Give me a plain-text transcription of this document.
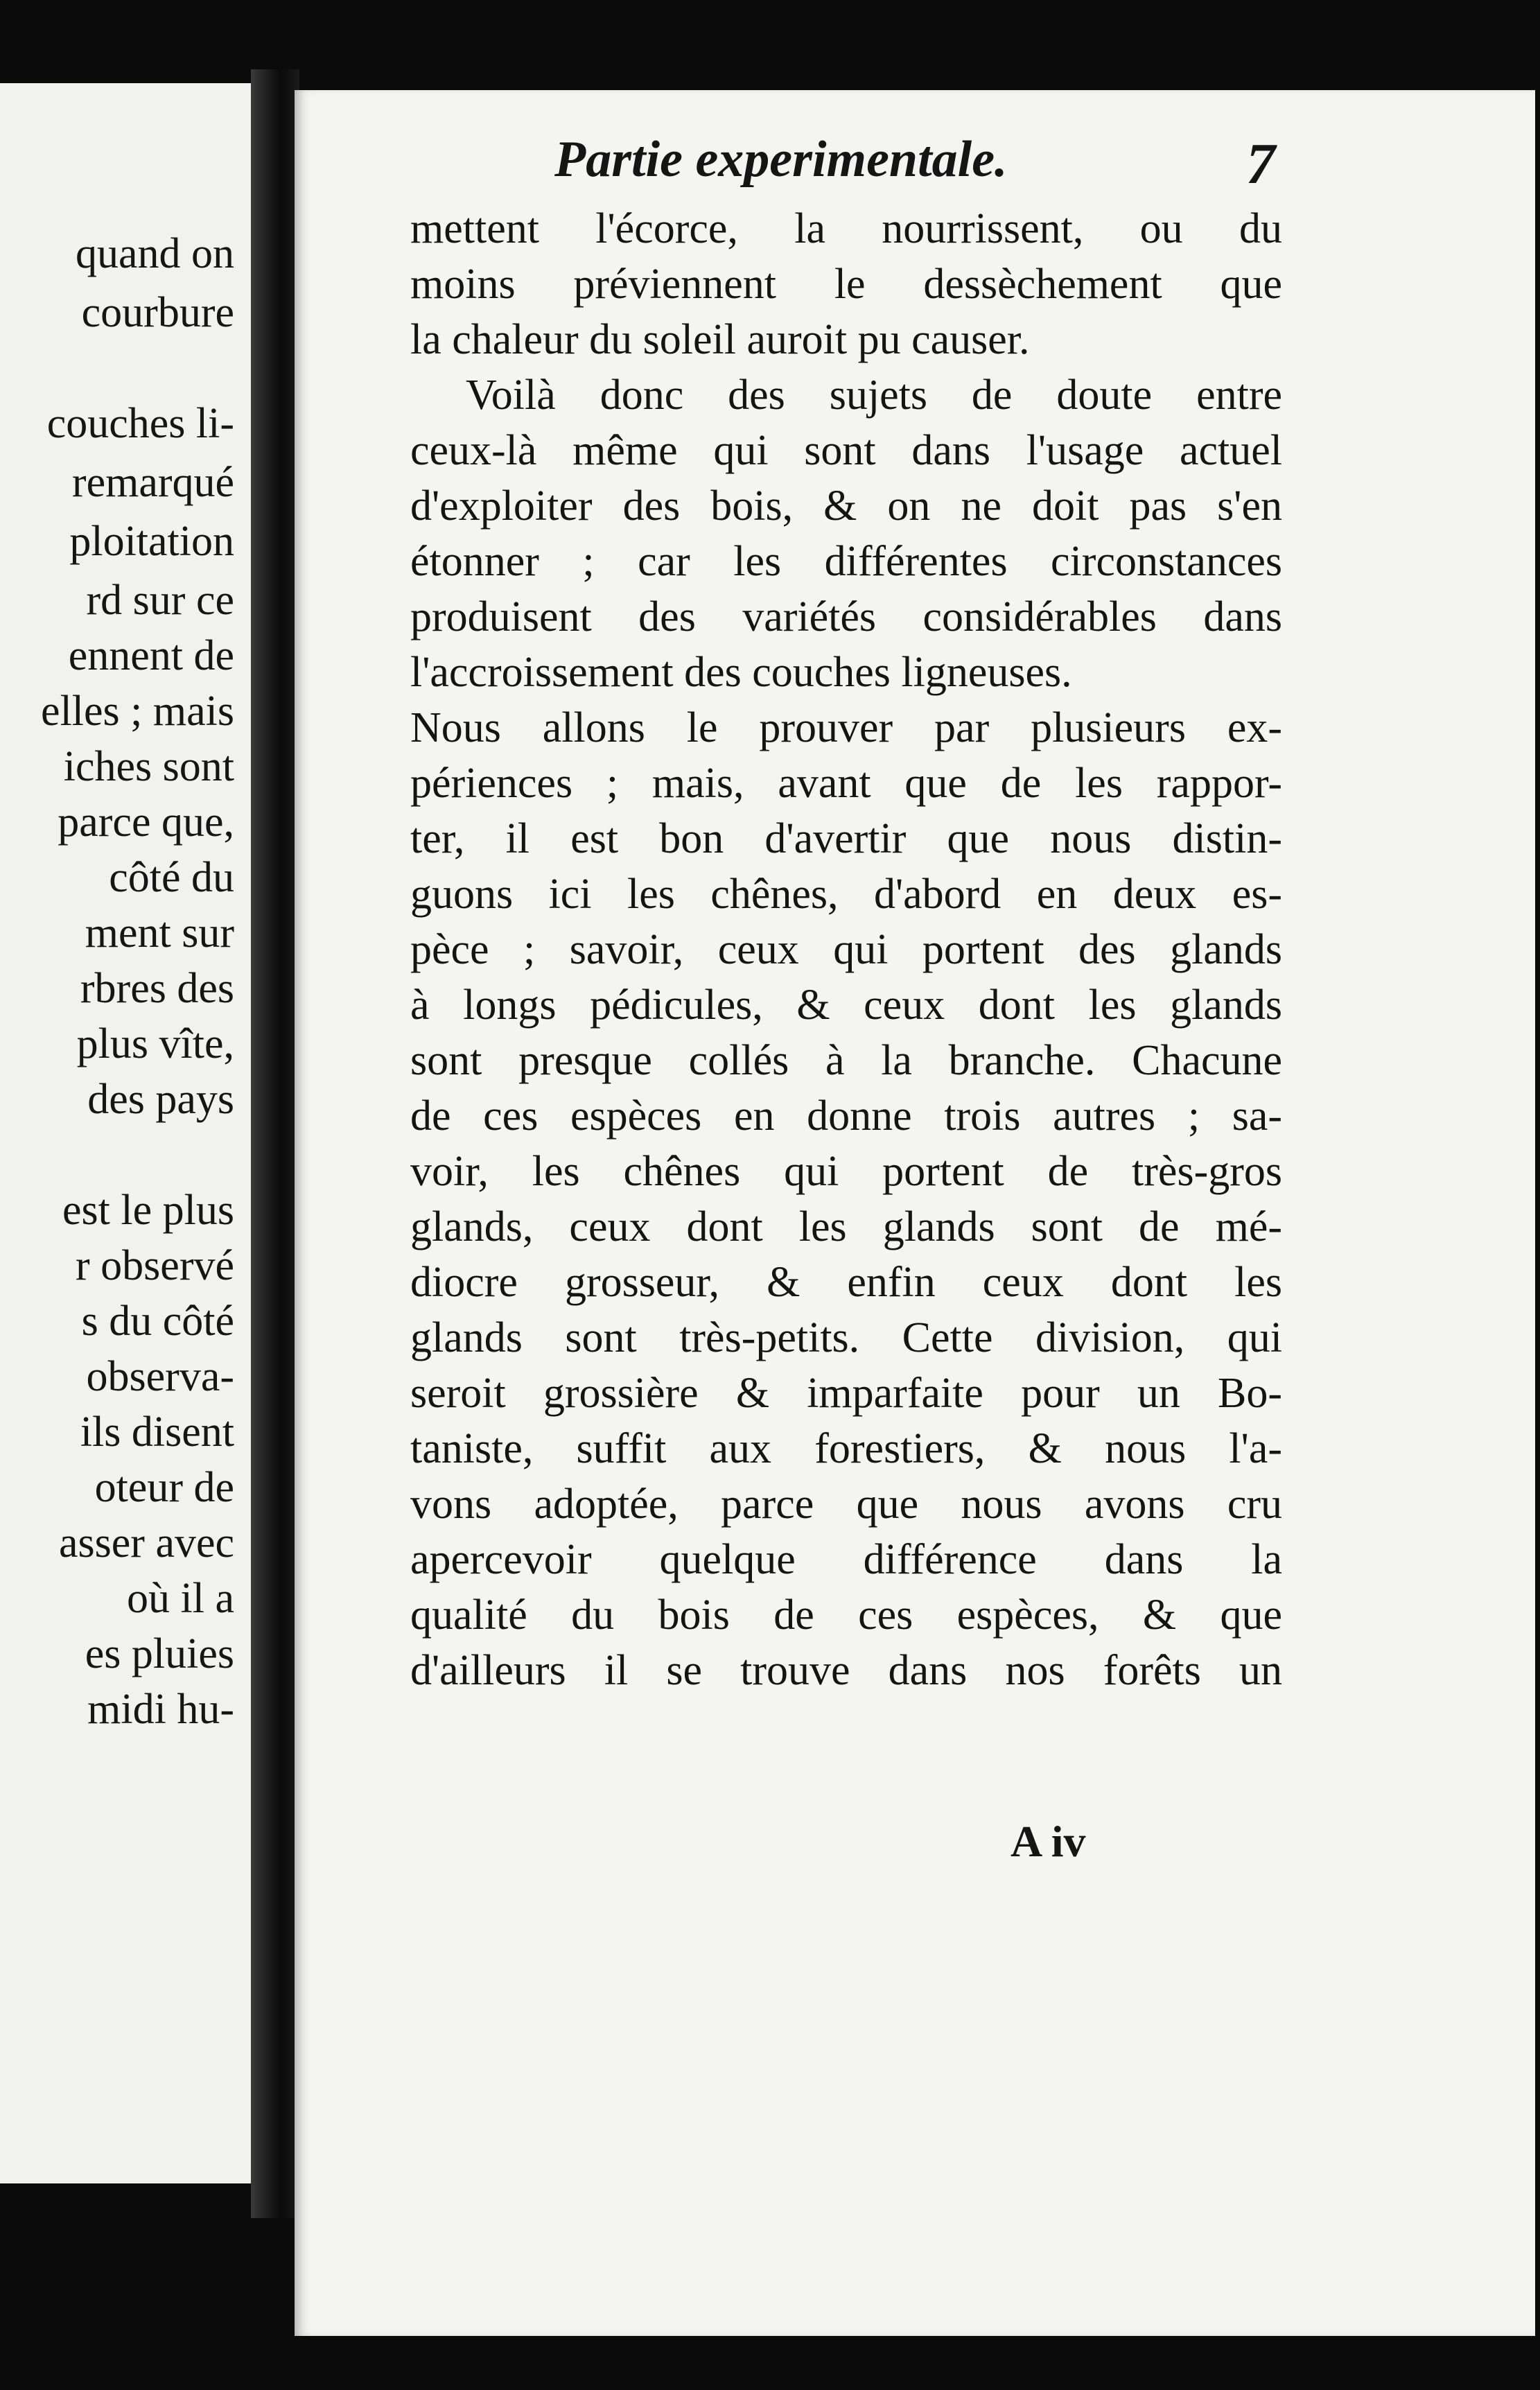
quand on
courbure
couches li-
remarqué
ploitation
rd sur ce
ennent de
elles ; mais
iches sont
parce que,
côté du
ment sur
rbres des
plus vîte,
des pays
est le plus
r observé
s du côté
observa-
ils disent
oteur de
asser avec
où il a
es pluies
midi hu-
Partie experimentale.	7
mettent l'écorce, la nourrissent, ou du
moins préviennent le dessèchement que
la chaleur du soleil auroit pu causer.
Voilà donc des sujets de doute entre
ceux-là même qui sont dans l'usage actuel
d'exploiter des bois, & on ne doit pas s'en
étonner ; car les différentes circonstances
produisent des variétés considérables dans
l'accroissement des couches ligneuses.
Nous allons le prouver par plusieurs ex-
périences ; mais, avant que de les rappor-
ter, il est bon d'avertir que nous distin-
guons ici les chênes, d'abord en deux es-
pèce ; savoir, ceux qui portent des glands
à longs pédicules, & ceux dont les glands
sont presque collés à la branche. Chacune
de ces espèces en donne trois autres ; sa-
voir, les chênes qui portent de très-gros
glands, ceux dont les glands sont de mé-
diocre grosseur, & enfin ceux dont les
glands sont très-petits. Cette division, qui
seroit grossière & imparfaite pour un Bo-
taniste, suffit aux forestiers, & nous l'a-
vons adoptée, parce que nous avons cru
apercevoir quelque différence dans la
qualité du bois de ces espèces, & que
d'ailleurs il se trouve dans nos forêts un
A iv
